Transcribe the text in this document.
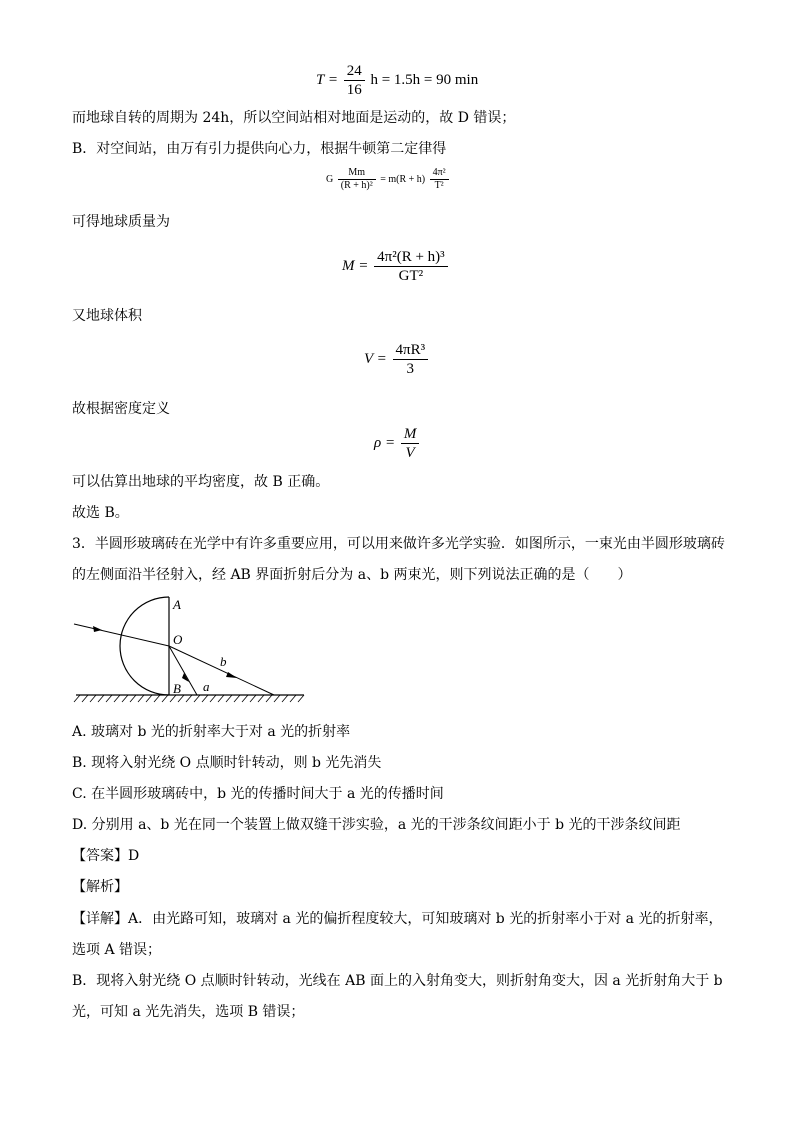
$T = \frac{24}{16}$ h = 1.5h = 90 min
而地球自转的周期为 24h，所以空间站相对地面是运动的，故 D 错误；
B．对空间站，由万有引力提供向心力，根据牛顿第二定律得
G $\frac{Mm}{\text{(R + h)²}} = m(R + h) \frac{\text{4π²}}{\text{T²}}$
可得地球质量为
$M = \frac{\text{4π²(R + h)³}}{\text{GT²}}$
又地球体积
$V = \frac{\text{4πR³}}{3}$
故根据密度定义
$\rho = \frac{M}{V}$
可以估算出地球的平均密度，故 B 正确。
故选 B。
3．半圆形玻璃砖在光学中有许多重要应用，可以用来做许多光学实验．如图所示，一束光由半圆形玻璃砖
的左侧面沿半径射入，经 AB 界面折射后分为 a、b 两束光，则下列说法正确的是（　　）
A
O
B a
b
A. 玻璃对 b 光的折射率大于对 a 光的折射率
B. 现将入射光绕 O 点顺时针转动，则 b 光先消失
C. 在半圆形玻璃砖中，b 光的传播时间大于 a 光的传播时间
D. 分别用 a、b 光在同一个装置上做双缝干涉实验，a 光的干涉条纹间距小于 b 光的干涉条纹间距
【答案】D
【解析】
【详解】A．由光路可知，玻璃对 a 光的偏折程度较大，可知玻璃对 b 光的折射率小于对 a 光的折射率，
选项 A 错误；
B．现将入射光绕 O 点顺时针转动，光线在 AB 面上的入射角变大，则折射角变大，因 a 光折射角大于 b
光，可知 a 光先消失，选项 B 错误；
